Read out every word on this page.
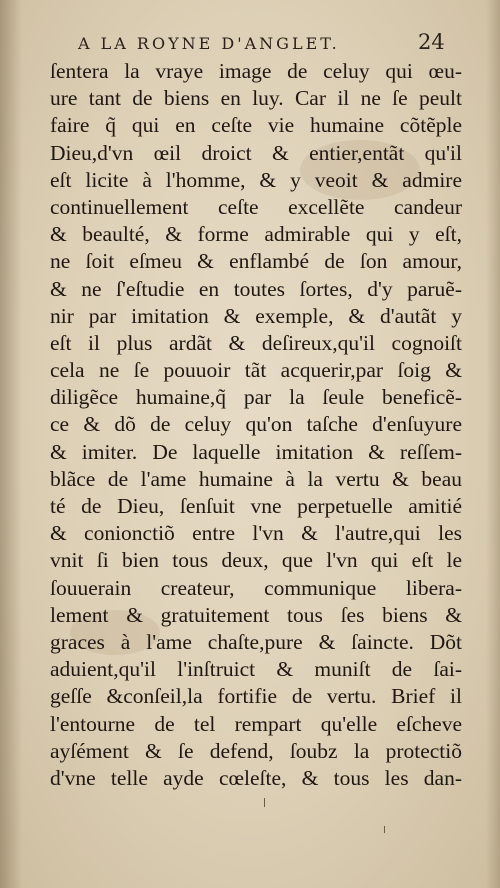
A LA ROYNE D'ANGLET.	24
ſentera la vraye image de celuy qui œu-
ure tant de biens en luy. Car il ne ſe peult
faire q̃ qui en ceſte vie humaine cõtẽple
Dieu,d'vn œil droict & entier,entãt qu'il
eſt licite à l'homme, & y veoit & admire
continuellement ceſte excellẽte candeur
& beaulté, & forme admirable qui y eſt,
ne ſoit eſmeu & enflambé de ſon amour,
& ne ſ'eſtudie en toutes ſortes, d'y paruẽ-
nir par imitation & exemple, & d'autãt y
eſt il plus ardãt & deſireux,qu'il cognoiſt
cela ne ſe pouuoir tãt acquerir,par ſoig &
diligẽce humaine,q̃ par la ſeule beneficẽ-
ce & dõ de celuy qu'on taſche d'enſuyure
& imiter. De laquelle imitation & reſſem-
blãce de l'ame humaine à la vertu & beau
té de Dieu, ſenſuit vne perpetuelle amitié
& conionctiõ entre l'vn & l'autre,qui les
vnit ſi bien tous deux, que l'vn qui eſt le
ſouuerain createur, communique libera-
lement & gratuitement tous ſes biens &
graces à l'ame chaſte,pure & ſaincte. Dõt
aduient,qu'il l'inſtruict & muniſt de ſai-
geſſe &conſeil,la fortifie de vertu. Brief il
l'entourne de tel rempart qu'elle eſcheve
ayſément & ſe defend, ſoubz la protectiõ
d'vne telle ayde cœleſte, & tous les dan-
